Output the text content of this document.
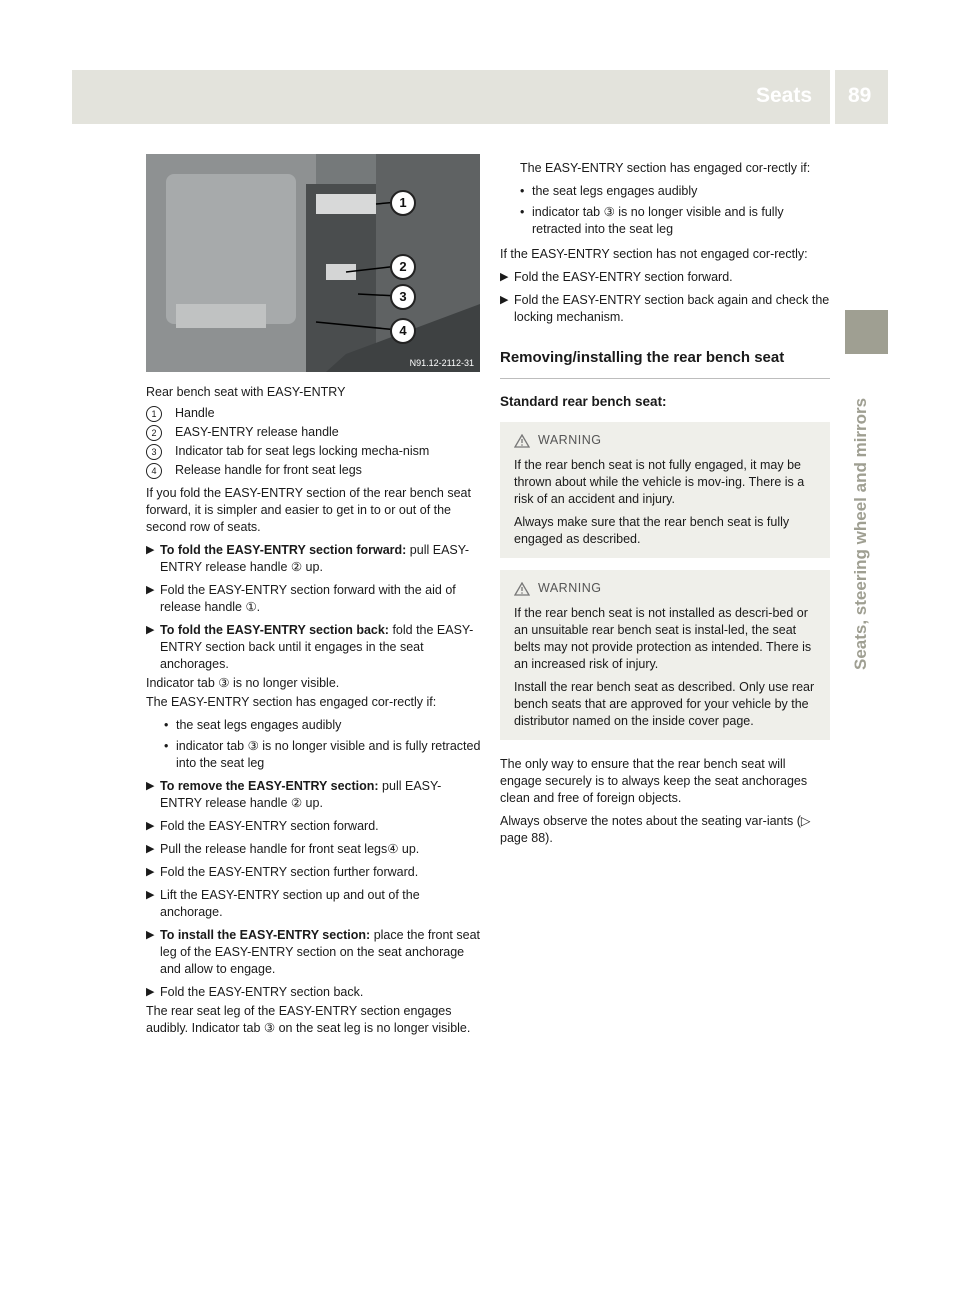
Seats 89
Seats, steering wheel and mirrors
1
2
3
4
N91.12-2112-31

Rear bench seat with EASY-ENTRY

1	Handle
2	EASY-ENTRY release handle
3	Indicator tab for seat legs locking mecha-nism
4	Release handle for front seat legs

If you fold the EASY-ENTRY section of the rear bench seat forward, it is simpler and easier to get in to or out of the second row of seats.

▶ To fold the EASY-ENTRY section forward: pull EASY-ENTRY release handle ② up.
▶ Fold the EASY-ENTRY section forward with the aid of release handle ①.
▶ To fold the EASY-ENTRY section back: fold the EASY-ENTRY section back until it engages in the seat anchorages.

Indicator tab ③ is no longer visible.

The EASY-ENTRY section has engaged cor-rectly if:

• the seat legs engages audibly
• indicator tab ③ is no longer visible and is fully retracted into the seat leg
▶ To remove the EASY-ENTRY section: pull EASY-ENTRY release handle ② up.
▶ Fold the EASY-ENTRY section forward.
▶ Pull the release handle for front seat legs④ up.
▶ Fold the EASY-ENTRY section further forward.
▶ Lift the EASY-ENTRY section up and out of the anchorage.
▶ To install the EASY-ENTRY section: place the front seat leg of the EASY-ENTRY section on the seat anchorage and allow to engage.
▶ Fold the EASY-ENTRY section back.

The rear seat leg of the EASY-ENTRY section engages audibly. Indicator tab ③ on the seat leg is no longer visible.

The EASY-ENTRY section has engaged cor-rectly if:

• the seat legs engages audibly
• indicator tab ③ is no longer visible and is fully retracted into the seat leg

If the EASY-ENTRY section has not engaged cor-rectly:

▶ Fold the EASY-ENTRY section forward.
▶ Fold the EASY-ENTRY section back again and check the locking mechanism.
Removing/installing the rear bench seat
Standard rear bench seat:
WARNING

If the rear bench seat is not fully engaged, it may be thrown about while the vehicle is mov-ing. There is a risk of an accident and injury.

Always make sure that the rear bench seat is fully engaged as described.

WARNING

If the rear bench seat is not installed as descri-bed or an unsuitable rear bench seat is instal-led, the seat belts may not provide protection as intended. There is an increased risk of injury.

Install the rear bench seat as described. Only use rear bench seats that are approved for your vehicle by the distributor named on the inside cover page.

The only way to ensure that the rear bench seat will engage securely is to always keep the seat anchorages clean and free of foreign objects.

Always observe the notes about the seating var-iants (▷ page 88).
